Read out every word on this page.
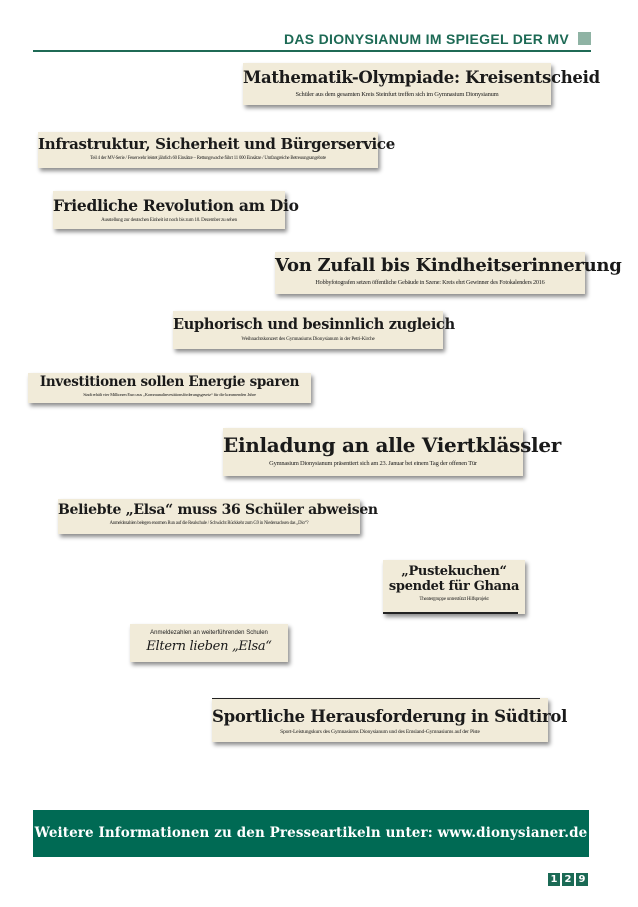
DAS DIONYSIANUM IM SPIEGEL DER MV
Mathematik-Olympiade: Kreisentscheid
Schüler aus dem gesamten Kreis Steinfurt treffen sich im Gymnasium Dionysianum
Infrastruktur, Sicherheit und Bürgerservice
Teil 4 der MV-Serie / Feuerwehr leistet jährlich 60 Einsätze – Rettungswache führt 11 000 Einsätze / Umfangreiche Betreuungsangebote
Friedliche Revolution am Dio
Ausstellung zur deutschen Einheit ist noch bis zum 10. Dezember zu sehen
Von Zufall bis Kindheitserinnerung
Hobbyfotografen setzen öffentliche Gebäude in Szene: Kreis ehrt Gewinner des Fotokalenders 2016
Euphorisch und besinnlich zugleich
Weihnachtskonzert des Gymnasiums Dionysianum in der Petri-Kirche
Investitionen sollen Energie sparen
Stadt erhält vier Millionen Euro aus „Kommunalinvestitionsförderungsgesetz“ für die kommenden Jahre
Einladung an alle Viertklässler
Gymnasium Dionysianum präsentiert sich am 23. Januar bei einem Tag der offenen Tür
Beliebte „Elsa“ muss 36 Schüler abweisen
Anmeldezahlen belegen enormen Run auf die Realschule / Schwächt Rückkehr zum G9 in Niedersachsen das „Dio“?
„Pustekuchen“
spendet für Ghana
Theatergruppe unterstützt Hilfsprojekt
Anmeldezahlen an weiterführenden Schulen
Eltern lieben „Elsa“
Sportliche Herausforderung in Südtirol
Sport-Leistungskurs des Gymnasiums Dionysianum und des Emsland-Gymnasiums auf der Piste
Weitere Informationen zu den Presseartikeln unter: www.dionysianer.de
1 2 9
